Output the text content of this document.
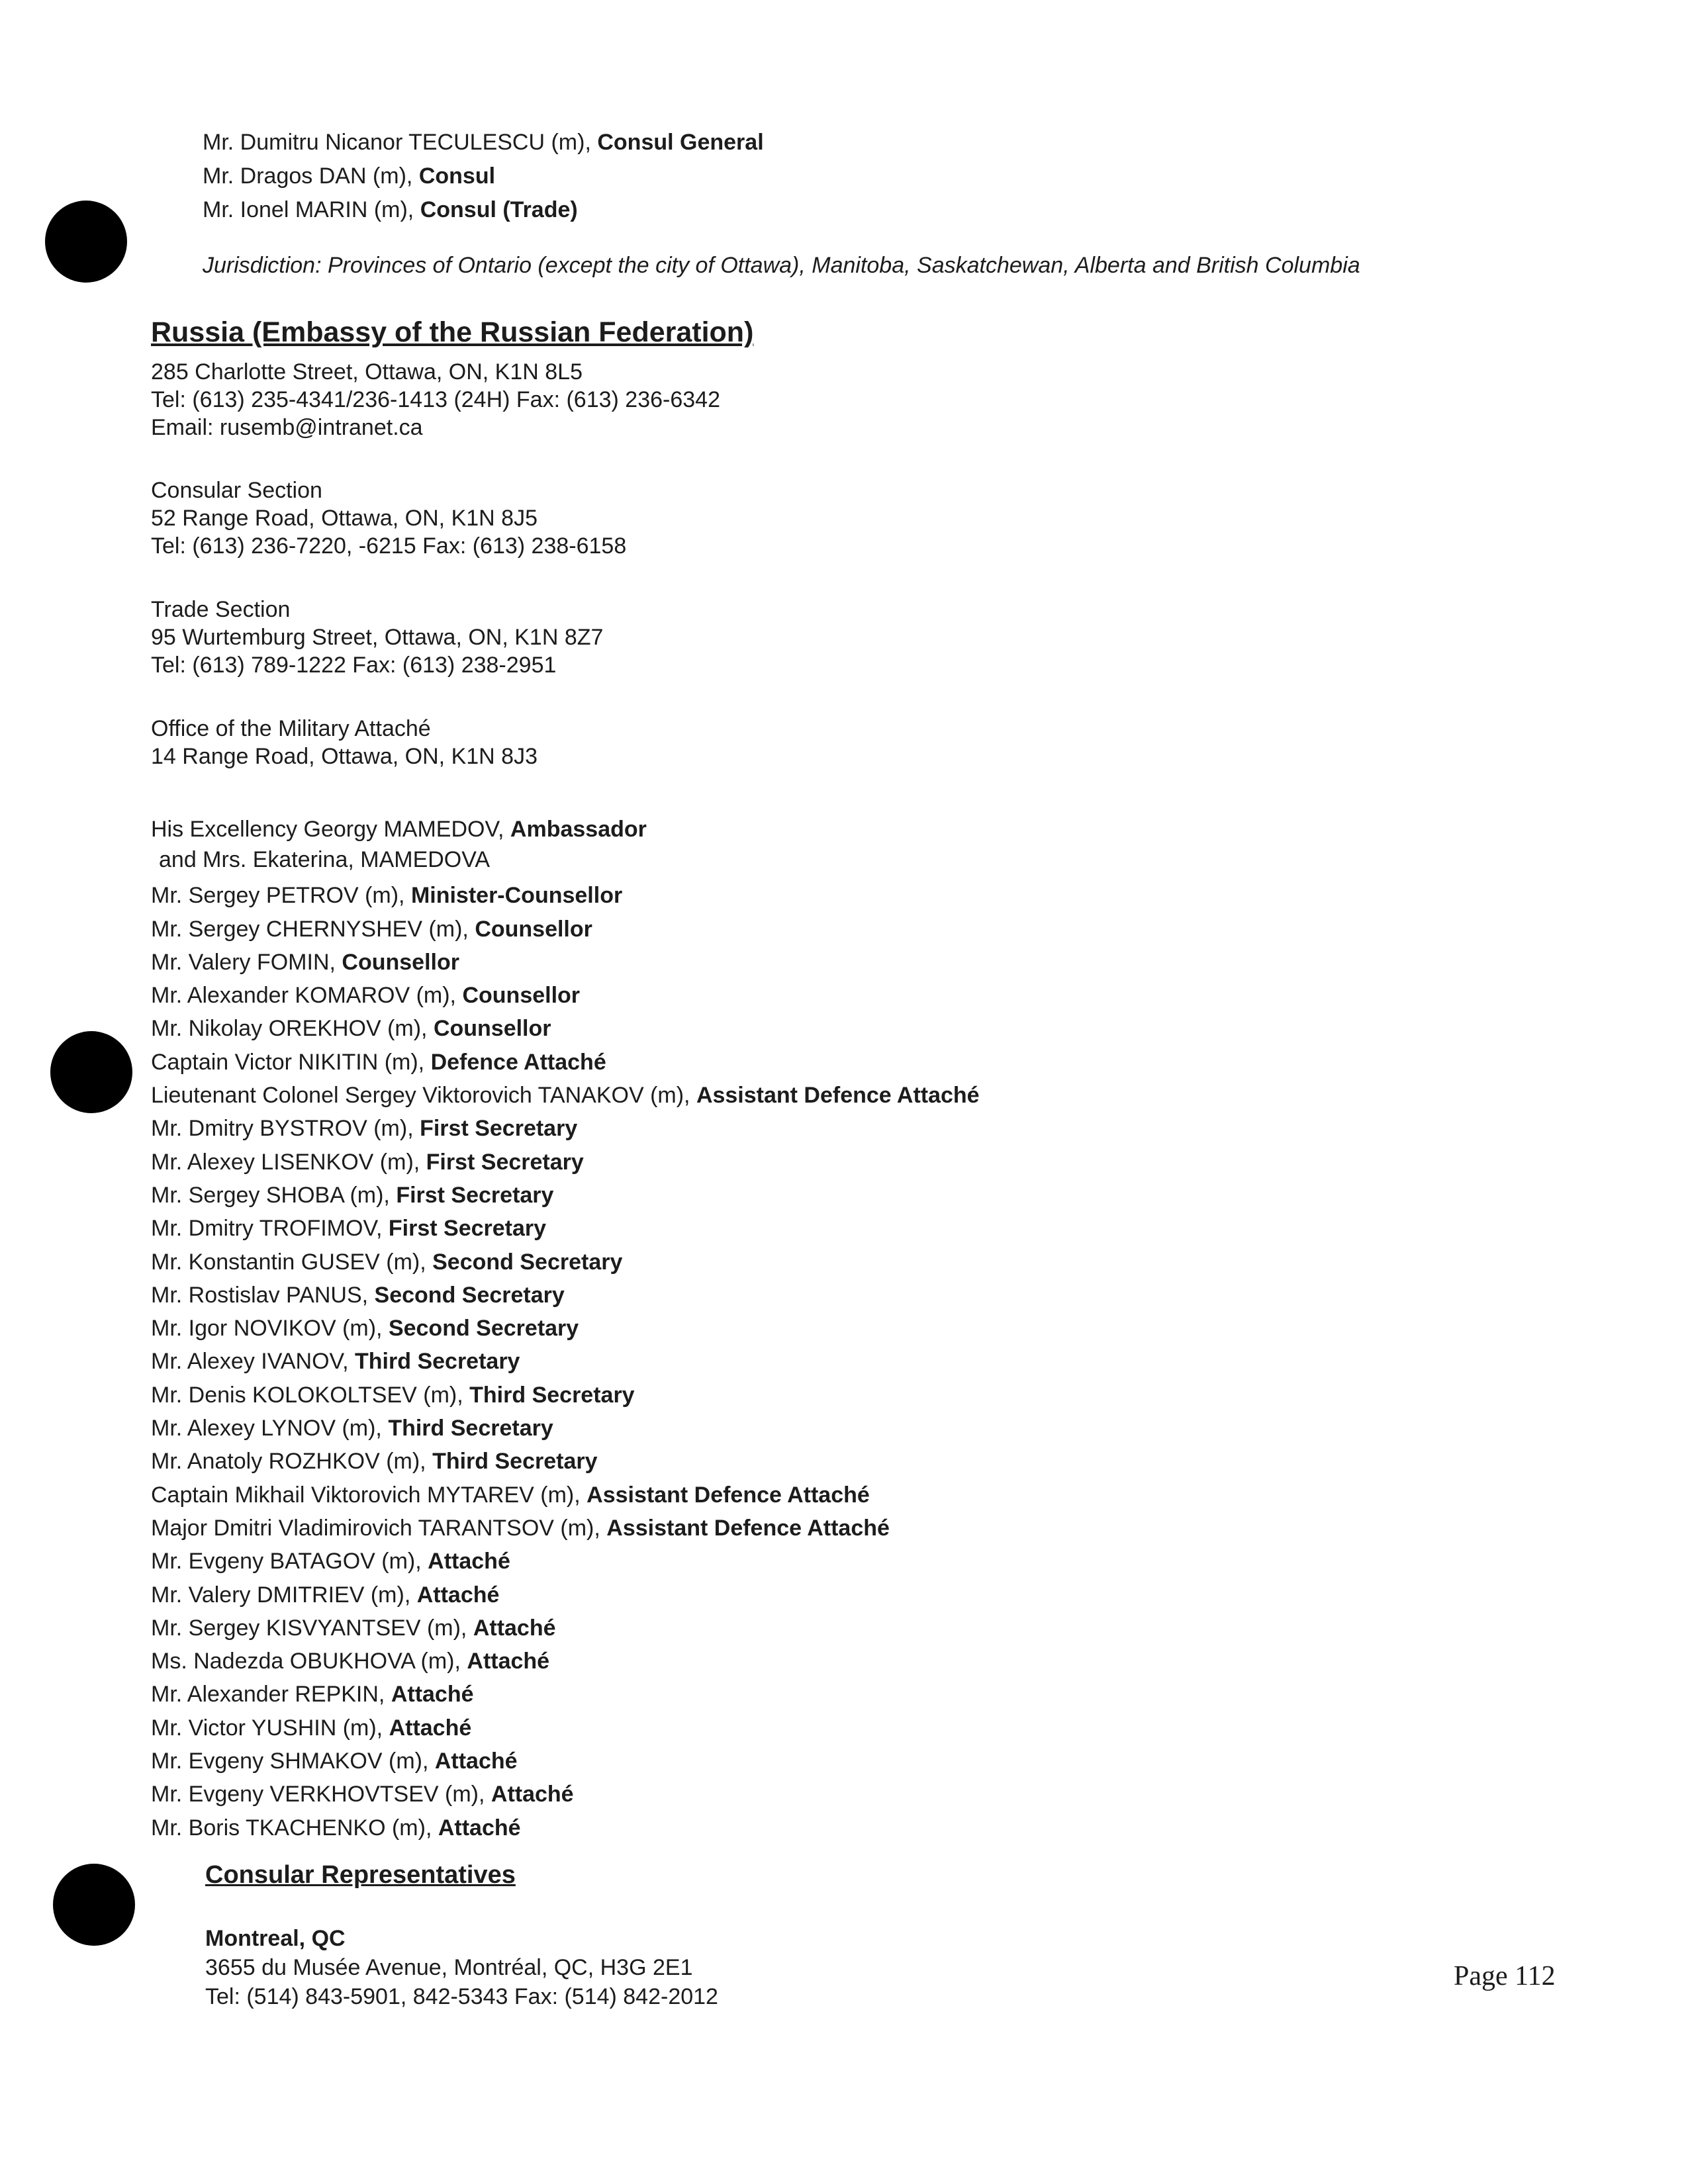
Mr. Dumitru Nicanor TECULESCU (m), Consul General
Mr. Dragos DAN (m), Consul
Mr. Ionel MARIN (m), Consul (Trade)
Jurisdiction: Provinces of Ontario (except the city of Ottawa), Manitoba, Saskatchewan, Alberta and British Columbia
Russia (Embassy of the Russian Federation)
285 Charlotte Street, Ottawa, ON, K1N 8L5
Tel: (613) 235-4341/236-1413 (24H) Fax: (613) 236-6342
Email: rusemb@intranet.ca
Consular Section
52 Range Road, Ottawa, ON, K1N 8J5
Tel: (613) 236-7220, -6215 Fax: (613) 238-6158
Trade Section
95 Wurtemburg Street, Ottawa, ON, K1N 8Z7
Tel: (613) 789-1222 Fax: (613) 238-2951
Office of the Military Attaché
14 Range Road, Ottawa, ON, K1N 8J3
His Excellency Georgy MAMEDOV, Ambassador
and Mrs. Ekaterina, MAMEDOVA
Mr. Sergey PETROV (m), Minister-Counsellor
Mr. Sergey CHERNYSHEV (m), Counsellor
Mr. Valery FOMIN, Counsellor
Mr. Alexander KOMAROV (m), Counsellor
Mr. Nikolay OREKHOV (m), Counsellor
Captain Victor NIKITIN (m), Defence Attaché
Lieutenant Colonel Sergey Viktorovich TANAKOV (m), Assistant Defence Attaché
Mr. Dmitry BYSTROV (m), First Secretary
Mr. Alexey LISENKOV (m), First Secretary
Mr. Sergey SHOBA (m), First Secretary
Mr. Dmitry TROFIMOV, First Secretary
Mr. Konstantin GUSEV (m), Second Secretary
Mr. Rostislav PANUS, Second Secretary
Mr. Igor NOVIKOV (m), Second Secretary
Mr. Alexey IVANOV, Third Secretary
Mr. Denis KOLOKOLTSEV (m), Third Secretary
Mr. Alexey LYNOV (m), Third Secretary
Mr. Anatoly ROZHKOV (m), Third Secretary
Captain Mikhail Viktorovich MYTAREV (m), Assistant Defence Attaché
Major Dmitri Vladimirovich TARANTSOV (m), Assistant Defence Attaché
Mr. Evgeny BATAGOV (m), Attaché
Mr. Valery DMITRIEV (m), Attaché
Mr. Sergey KISVYANTSEV (m), Attaché
Ms. Nadezda OBUKHOVA (m), Attaché
Mr. Alexander REPKIN, Attaché
Mr. Victor YUSHIN (m), Attaché
Mr. Evgeny SHMAKOV (m), Attaché
Mr. Evgeny VERKHOVTSEV (m), Attaché
Mr. Boris TKACHENKO (m), Attaché
Consular Representatives
Montreal, QC
3655 du Musée Avenue, Montréal, QC, H3G 2E1
Tel: (514) 843-5901, 842-5343 Fax: (514) 842-2012
Page 112
